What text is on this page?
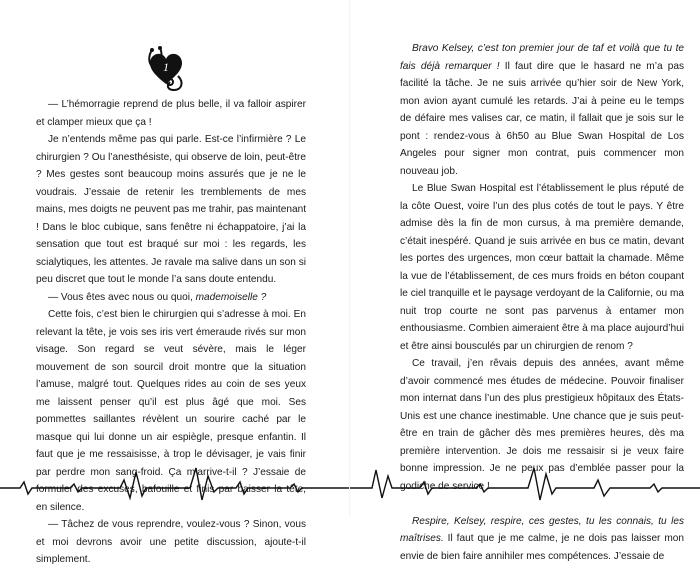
1

— L’hémorragie reprend de plus belle, il va falloir aspirer et clamper mieux que ça !

Je n’entends même pas qui parle. Est-ce l’infirmière ? Le chirurgien ? Ou l’anesthésiste, qui observe de loin, peut-être ? Mes gestes sont beaucoup moins assurés que je ne le voudrais. J’essaie de retenir les tremblements de mes mains, mes doigts ne peuvent pas me trahir, pas maintenant ! Dans le bloc cubique, sans fenêtre ni échappatoire, j’ai la sensation que tout est braqué sur moi : les regards, les scialytiques, les attentes. Je ravale ma salive dans un son si peu discret que tout le monde l’a sans doute entendu.

— Vous êtes avec nous ou quoi, mademoiselle ?

Cette fois, c’est bien le chirurgien qui s’adresse à moi. En relevant la tête, je vois ses iris vert émeraude rivés sur mon visage. Son regard se veut sévère, mais le léger mouvement de son sourcil droit montre que la situation l’amuse, malgré tout. Quelques rides au coin de ses yeux me laissent penser qu’il est plus âgé que moi. Ses pommettes saillantes révèlent un sourire caché par le masque qui lui donne un air espiègle, presque enfantin. Il faut que je me ressaisisse, à trop le dévisager, je vais finir par perdre mon sang-froid. Ça m’arrive-t-il ? J’essaie de formuler des excuses, bafouille et finis par baisser la tête, en silence.

— Tâchez de vous reprendre, voulez-vous ? Sinon, vous et moi devrons avoir une petite discussion, ajoute-t-il simplement.

Bravo Kelsey, c’est ton premier jour de taf et voilà que tu te fais déjà remarquer ! Il faut dire que le hasard ne m’a pas facilité la tâche. Je ne suis arrivée qu’hier soir de New York, mon avion ayant cumulé les retards. J’ai à peine eu le temps de défaire mes valises car, ce matin, il fallait que je sois sur le pont : rendez-vous à 6h50 au Blue Swan Hospital de Los Angeles pour signer mon contrat, puis commencer mon nouveau job.

Le Blue Swan Hospital est l’établissement le plus réputé de la côte Ouest, voire l’un des plus cotés de tout le pays. Y être admise dès la fin de mon cursus, à ma première demande, c’était inespéré. Quand je suis arrivée en bus ce matin, devant les portes des urgences, mon cœur battait la chamade. Même la vue de l’établissement, de ces murs froids en béton coupant le ciel tranquille et le paysage verdoyant de la Californie, ou ma nuit trop courte ne sont pas parvenus à entamer mon enthousiasme. Combien aimeraient être à ma place aujourd’hui et être ainsi bousculés par un chirurgien de renom ?

Ce travail, j’en rêvais depuis des années, avant même d’avoir commencé mes études de médecine. Pouvoir finaliser mon internat dans l’un des plus prestigieux hôpitaux des États-Unis est une chance inestimable. Une chance que je suis peut-être en train de gâcher dès mes premières heures, dès ma première intervention. Je dois me ressaisir si je veux faire bonne impression. Je ne peux pas d’emblée passer pour la godiche de service !

Respire, Kelsey, respire, ces gestes, tu les connais, tu les maîtrises. Il faut que je me calme, je ne dois pas laisser mon envie de bien faire annihiler mes compétences. J’essaie de
